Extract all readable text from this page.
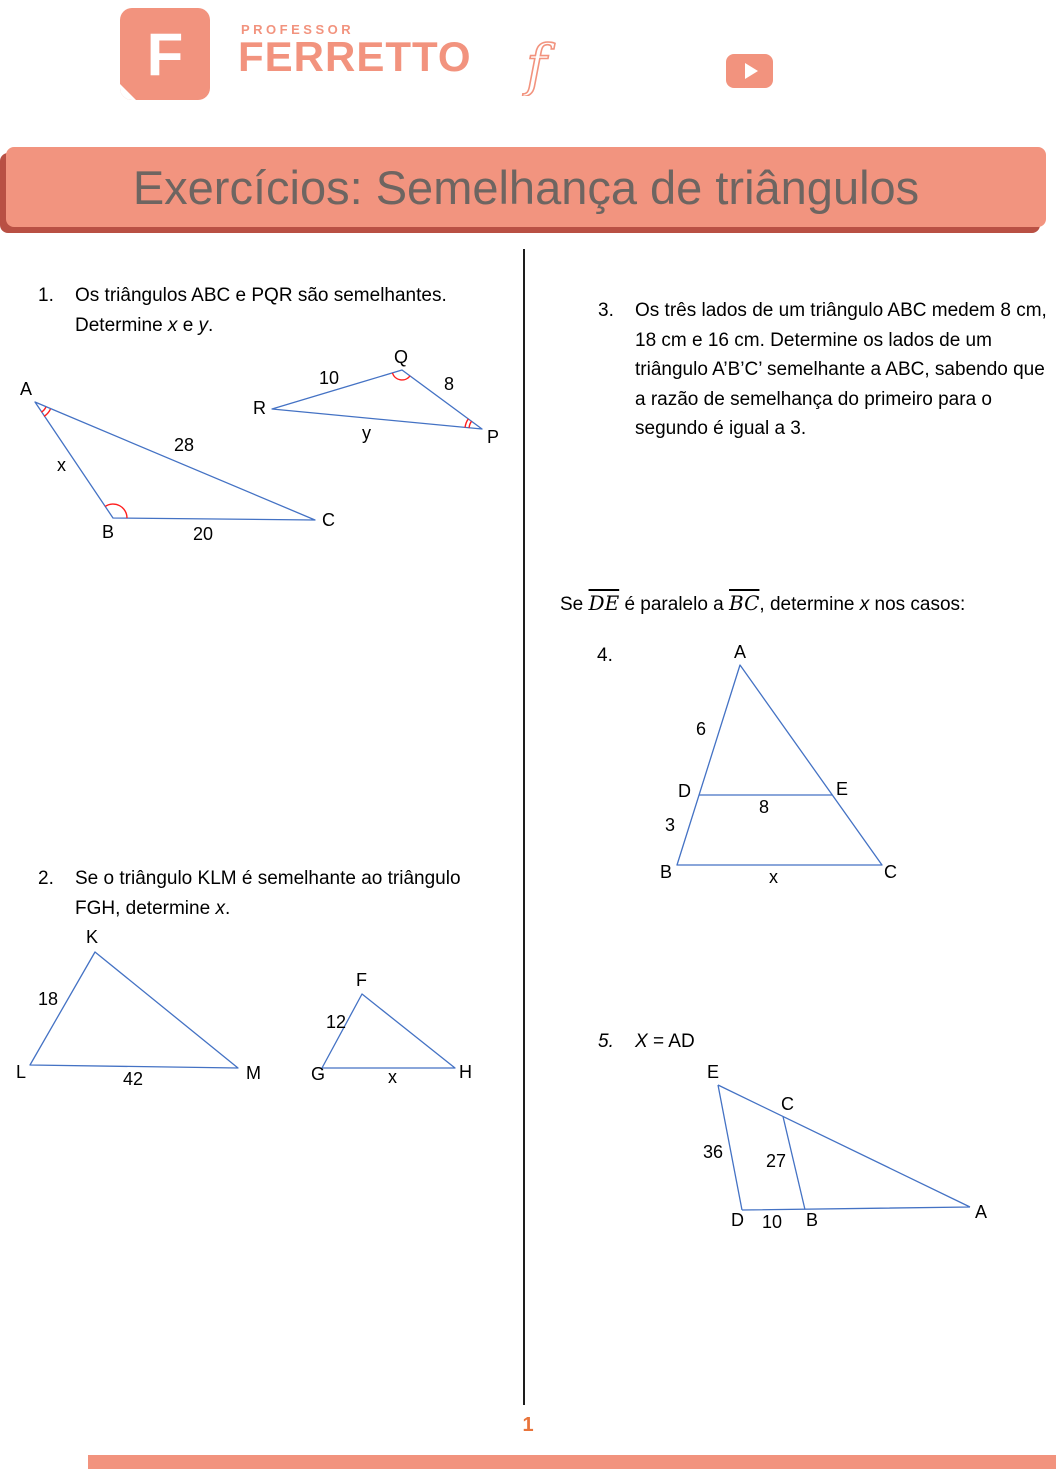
F	PROFESSOR
FERRETTO f
Exercícios: Semelhança de triângulos
1.	Os triângulos ABC e PQR são semelhantes.
Determine x e y.
A
B
C
x
28
20
Q
R
P
10	8
y
2.	Se o triângulo KLM é semelhante ao triângulo
FGH, determine x.
K
L	M
18
42
F
G	H
12
x
3.	Os três lados de um triângulo ABC medem 8 cm, 18 cm e 16 cm. Determine os lados de um triângulo A’B’C’ semelhante a ABC, sabendo que a razão de semelhança do primeiro para o segundo é igual a 3.
Se $\overline{DE}$ é paralelo a $\overline{BC}$, determine x nos casos:
4.	A
D	E
B	C
6
8
3
x
5.	X = AD
E
C
D	B	A
36 27
10
1
